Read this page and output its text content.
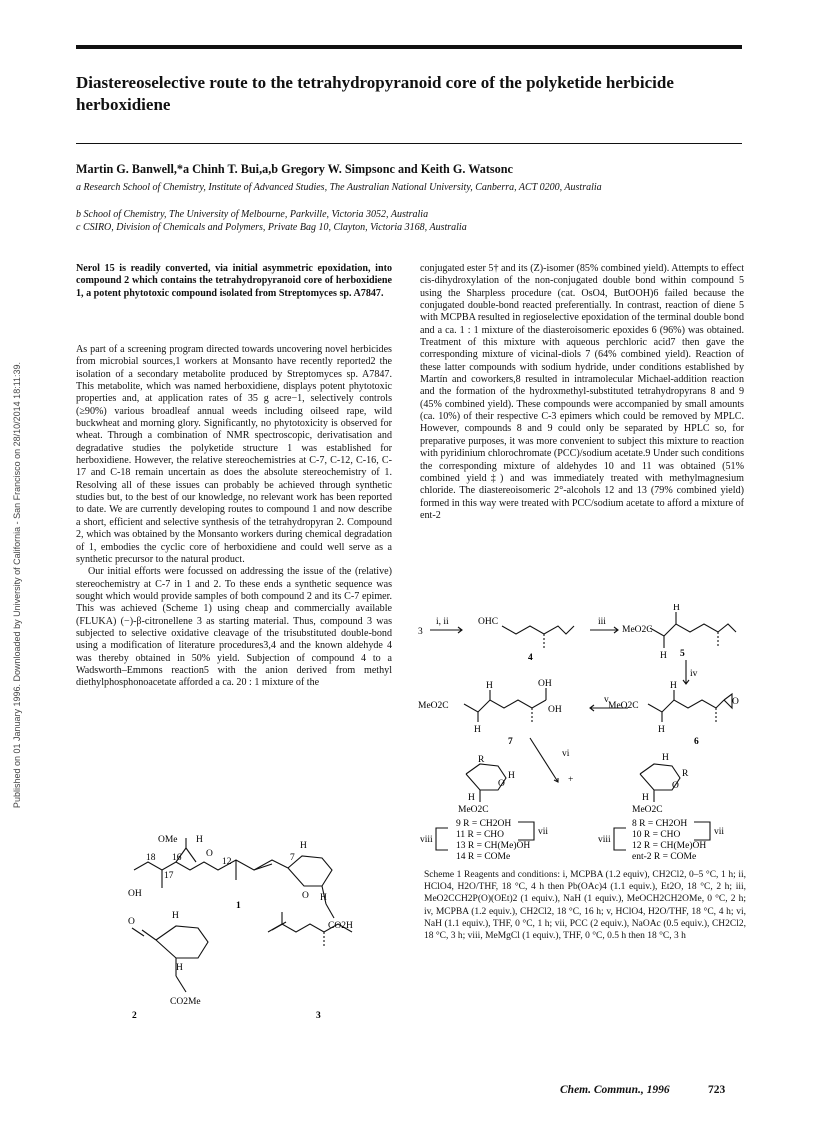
Published on 01 January 1996. Downloaded by University of California - San Francisco on 28/10/2014 18:11:39.
Diastereoselective route to the tetrahydropyranoid core of the polyketide herbicide herboxidiene
Martin G. Banwell,*a Chinh T. Bui,a,b Gregory W. Simpsonc and Keith G. Watsonc
a Research School of Chemistry, Institute of Advanced Studies, The Australian National University, Canberra, ACT 0200, Australia
b School of Chemistry, The University of Melbourne, Parkville, Victoria 3052, Australia
c CSIRO, Division of Chemicals and Polymers, Private Bag 10, Clayton, Victoria 3168, Australia
Nerol 15 is readily converted, via initial asymmetric epoxidation, into compound 2 which contains the tetrahydropyranoid core of herboxidiene 1, a potent phytotoxic compound isolated from Streptomyces sp. A7847.

As part of a screening program directed towards uncovering novel herbicides from microbial sources,1 workers at Monsanto have recently reported2 the isolation of a secondary metabolite produced by Streptomyces sp. A7847. This metabolite, which was named herboxidiene, displays potent phytotoxic properties and, at application rates of 35 g acre−1, selectively controls (≥90%) various broadleaf annual weeds including oilseed rape, wild buckwheat and morning glory. Significantly, no phytotoxicity is observed for wheat. Through a combination of NMR spectroscopic, derivatisation and degradative studies the polyketide structure 1 was established for herboxidiene. However, the relative stereochemistries at C-7, C-12, C-16, C-17 and C-18 remain uncertain as does the absolute stereochemistry of 1. Resolving all of these issues can probably be achieved through synthetic studies but, to the best of our knowledge, no relevant work has been reported to date. We are currently developing routes to compound 1 and now describe a short, efficient and selective synthesis of the tetrahydropyran 2. Compound 2, which was obtained by the Monsanto workers during chemical degradation of 1, embodies the cyclic core of herboxidiene and could well serve as a synthetic precursor to the natural product.

Our initial efforts were focussed on addressing the issue of the (relative) stereochemistry at C-7 in 1 and 2. To these ends a synthetic sequence was sought which would provide samples of both compound 2 and its C-7 epimer. This was achieved (Scheme 1) using cheap and commercially available (FLUKA) (−)-β-citronellene 3 as starting material. Thus, compound 3 was subjected to selective oxidative cleavage of the trisubstituted double-bond using a modification of literature procedures3,4 and the known aldehyde 4 was thereby obtained in 50% yield. Subjection of compound 4 to a Wadsworth–Emmons reaction5 with the anion derived from methyl diethylphosphonoacetate afforded a ca. 20 : 1 mixture of the

conjugated ester 5† and its (Z)-isomer (85% combined yield). Attempts to effect cis-dihydroxylation of the non-conjugated double bond within compound 5 using the Sharpless procedure (cat. OsO4, ButOOH)6 failed because the conjugated double-bond reacted preferentially. In contrast, reaction of diene 5 with MCPBA resulted in regioselective epoxidation of the terminal double bond and a ca. 1 : 1 mixture of the diasteroisomeric epoxides 6 (96%) was obtained. Treatment of this mixture with aqueous perchloric acid7 then gave the corresponding mixture of vicinal-diols 7 (64% combined yield). Reaction of these latter compounds with sodium hydride, under conditions established by Martín and coworkers,8 resulted in intramolecular Michael-addition reaction and the formation of the hydroxmethyl-substituted tetrahydropyrans 8 and 9 (45% combined yield). These compounds were accompanied by small amounts (ca. 10%) of their respective C-3 epimers which could be removed by MPLC. However, compounds 8 and 9 could only be separated by HPLC so, for preparative purposes, it was more convenient to subject this mixture to reaction with pyridinium chlorochromate (PCC)/sodium acetate.9 Under such conditions the corresponding mixture of aldehydes 10 and 11 was obtained (51% combined yield‡) and was immediately treated with methylmagnesium chloride. The diastereoisomeric 2°-alcohols 12 and 13 (79% combined yield) formed in this way were treated with PCC/sodium acetate to afford a mixture of ent-2

OMe H
O
18 16
17
12	7
H
OH	O H
CO2H
1
O
H
H
CO2Me
2	3
3
i, ii	OHC
4
iii
MeO2C
H
H 5
iv
MeO2C
H	OH
OH
H
7
v
MeO2C
H
H
O
6
vi
R
H
O
H
MeO2C
+
H
R
O
H
MeO2C
9 R = CH2OH
11 R = CHO
13 R = CH(Me)OH
14 R = COMe
vii
viii
8 R = CH2OH
10 R = CHO
12 R = CH(Me)OH
ent-2 R = COMe
vii
viii
Scheme 1 Reagents and conditions: i, MCPBA (1.2 equiv), CH2Cl2, 0–5 °C, 1 h; ii, HClO4, H2O/THF, 18 °C, 4 h then Pb(OAc)4 (1.1 equiv.), Et2O, 18 °C, 2 h; iii, MeO2CCH2P(O)(OEt)2 (1 equiv.), NaH (1 equiv.), MeOCH2CH2OMe, 0 °C, 2 h; iv, MCPBA (1.2 equiv.), CH2Cl2, 18 °C, 16 h; v, HClO4, H2O/THF, 18 °C, 4 h; vi, NaH (1.1 equiv.), THF, 0 °C, 1 h; vii, PCC (2 equiv.), NaOAc (0.5 equiv.), CH2Cl2, 18 °C, 3 h; viii, MeMgCl (1 equiv.), THF, 0 °C, 0.5 h then 18 °C, 3 h
Chem. Commun., 1996	723
